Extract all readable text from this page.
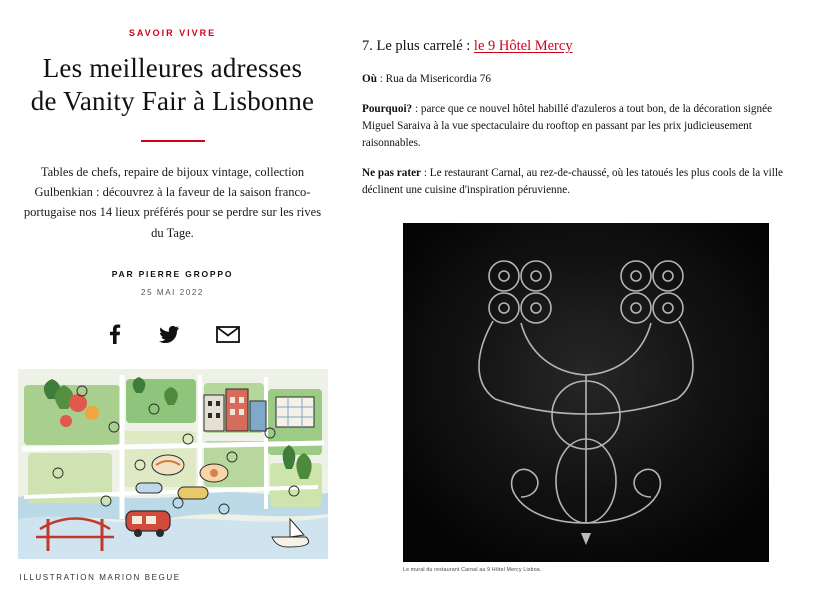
SAVOIR VIVRE
Les meilleures adresses
de Vanity Fair à Lisbonne

Tables de chefs, repaire de bijoux vintage, collection Gulbenkian : découvrez à la faveur de la saison franco-portugaise nos 14 lieux préférés pour se perdre sur les rives du Tage.

PAR PIERRE GROPPO
25 MAI 2022
ILLUSTRATION MARION BEGUE
7. Le plus carrelé : le 9 Hôtel Mercy

Où : Rua da Misericordia 76

Pourquoi? : parce que ce nouvel hôtel habillé d'azuleros a tout bon, de la décoration signée Miguel Saraiva à la vue spectaculaire du rooftop en passant par les prix judicieusement raisonnables.

Ne pas rater : Le restaurant Carnal, au rez-de-chaussé, où les tatoués les plus cools de la ville déclinent une cuisine d'inspiration péruvienne.

Le mural du restaurant Carnal au 9 Hôtel Mercy Lisboa.
